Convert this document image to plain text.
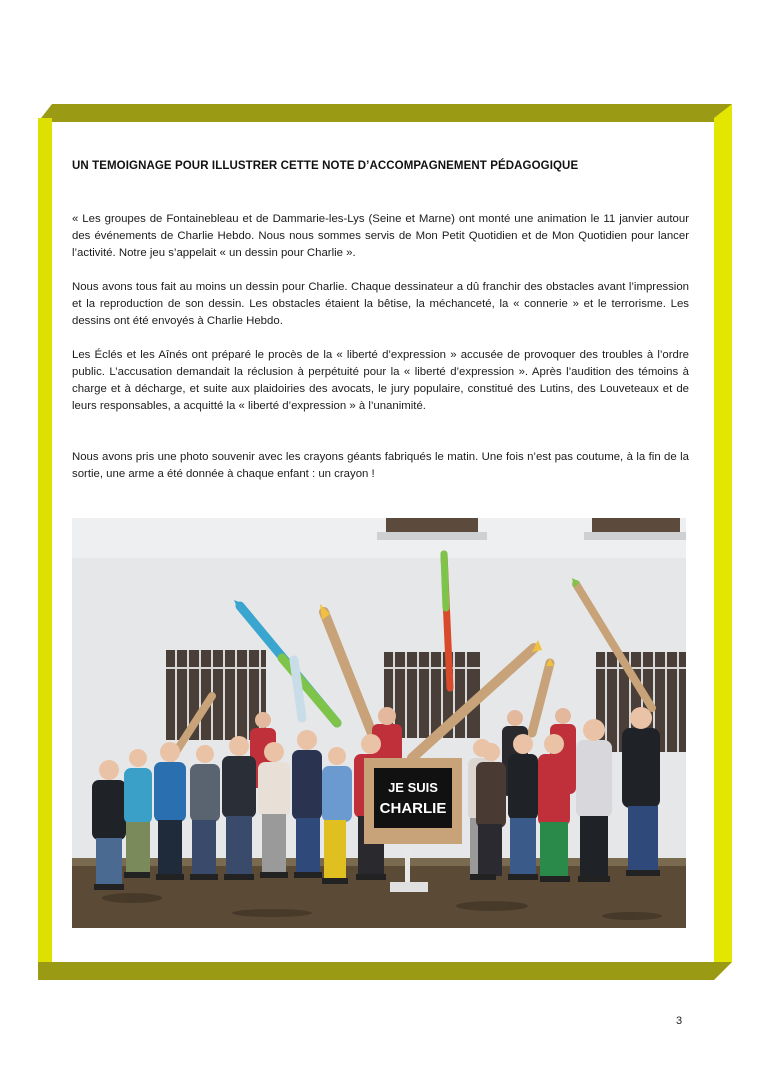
UN TEMOIGNAGE POUR ILLUSTRER CETTE NOTE D’ACCOMPAGNEMENT PÉDAGOGIQUE

« Les groupes de Fontainebleau et de Dammarie-les-Lys (Seine et Marne) ont monté une animation le 11 janvier autour des événements de Charlie Hebdo. Nous nous sommes servis de Mon Petit Quotidien et de Mon Quotidien pour lancer l’activité. Notre jeu s’appelait « un dessin pour Charlie ».

Nous avons tous fait au moins un dessin pour Charlie. Chaque dessinateur a dû franchir des obstacles avant l’impression et la reproduction de son dessin. Les obstacles étaient la bêtise, la méchanceté, la « connerie » et le terrorisme. Les dessins ont été envoyés à Charlie Hebdo.

Les Éclés et les Aînés ont préparé le procès de la « liberté d’expression » accusée de provoquer des troubles à l’ordre public. L’accusation demandait la réclusion à perpétuité pour la « liberté d’expression ». Après l’audition des témoins à charge et à décharge, et suite aux plaidoiries des avocats, le jury populaire, constitué des Lutins, des Louveteaux et de leurs responsables, a acquitté la « liberté d’expression » à l’unanimité.

Nous avons pris une photo souvenir avec les crayons géants fabriqués le matin. Une fois n’est pas coutume, à la fin de la sortie, une arme a été donnée à chaque enfant : un crayon !

JE SUIS
CHARLIE
3
